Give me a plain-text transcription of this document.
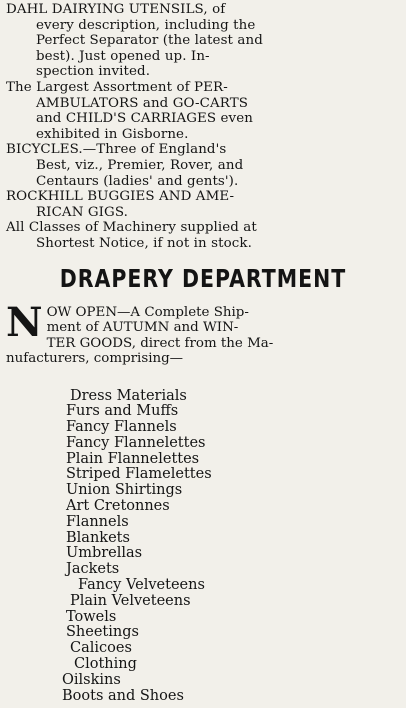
DAHL DAIRYING UTENSILS, of
every description, including the
Perfect Separator (the latest and
best). Just opened up. In-
spection invited.

The Largest Assortment of PER-
AMBULATORS and GO-CARTS
and CHILD'S CARRIAGES even
exhibited in Gisborne.

BICYCLES.—Three of England's
Best, viz., Premier, Rover, and
Centaurs (ladies' and gents').

ROCKHILL BUGGIES AND AME-
RICAN GIGS.

All Classes of Machinery supplied at
Shortest Notice, if not in stock.

DRAPERY DEPARTMENT
N OW OPEN—A Complete Ship-
ment of AUTUMN and WIN-
TER GOODS, direct from the Ma-
nufacturers, comprising—
Dress Materials
Furs and Muffs
Fancy Flannels
Fancy Flannelettes
Plain Flannelettes
Striped Flamelettes
Union Shirtings
Art Cretonnes
Flannels
Blankets
Umbrellas
Jackets
Fancy Velveteens
Plain Velveteens
Towels
Sheetings
Calicoes
Clothing
Oilskins
Boots and Shoes
